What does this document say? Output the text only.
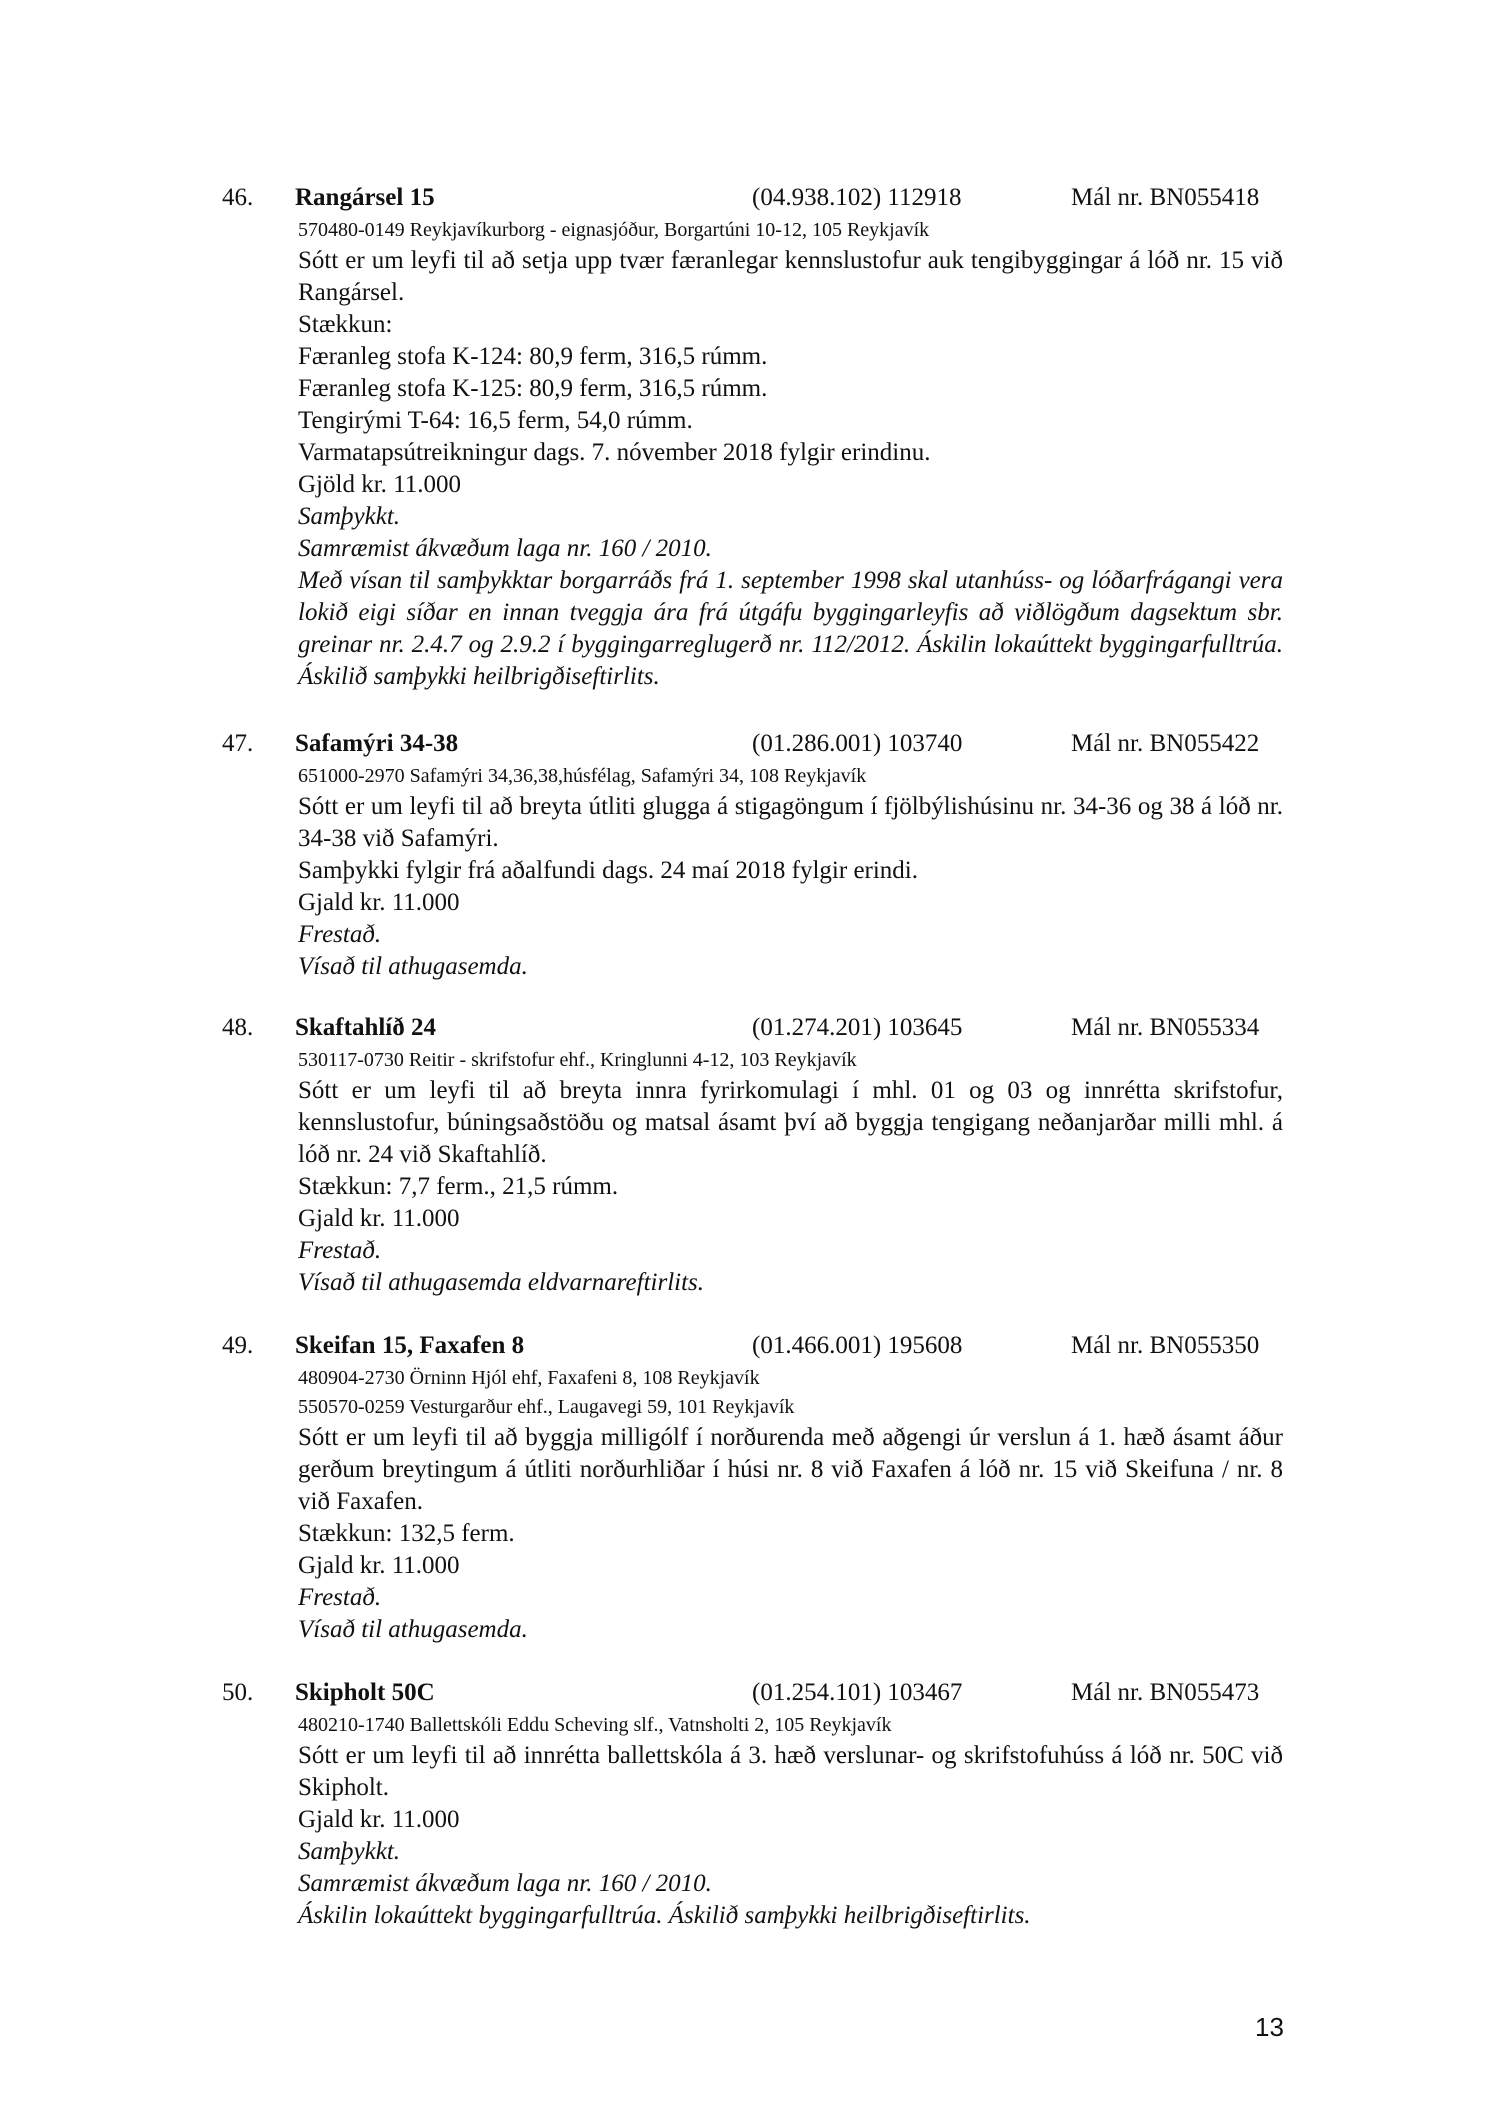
46. Rangársel 15	(04.938.102) 112918	Mál nr. BN055418
570480-0149 Reykjavíkurborg - eignasjóður, Borgartúni 10-12, 105 Reykjavík
Sótt er um leyfi til að setja upp tvær færanlegar kennslustofur auk tengibyggingar á lóð nr. 15 við Rangársel.
Stækkun:
Færanleg stofa K-124: 80,9 ferm, 316,5 rúmm.
Færanleg stofa K-125: 80,9 ferm, 316,5 rúmm.
Tengirými T-64: 16,5 ferm, 54,0 rúmm.
Varmatapsútreikningur dags. 7. nóvember 2018 fylgir erindinu.
Gjöld kr. 11.000
Samþykkt.
Samræmist ákvæðum laga nr. 160 / 2010.
Með vísan til samþykktar borgarráðs frá 1. september 1998 skal utanhúss- og lóðarfrágangi vera lokið eigi síðar en innan tveggja ára frá útgáfu byggingarleyfis að viðlögðum dagsektum sbr. greinar nr. 2.4.7 og 2.9.2 í byggingarreglugerð nr. 112/2012. Áskilin lokaúttekt byggingarfulltrúa. Áskilið samþykki heilbrigðiseftirlits.
47. Safamýri 34-38	(01.286.001) 103740	Mál nr. BN055422
651000-2970 Safamýri 34,36,38,húsfélag, Safamýri 34, 108 Reykjavík
Sótt er um leyfi til að breyta útliti glugga á stigagöngum í fjölbýlishúsinu nr. 34-36 og 38 á lóð nr. 34-38 við Safamýri.
Samþykki fylgir frá aðalfundi dags. 24 maí 2018 fylgir erindi.
Gjald kr. 11.000
Frestað.
Vísað til athugasemda.
48. Skaftahlíð 24	(01.274.201) 103645	Mál nr. BN055334
530117-0730 Reitir - skrifstofur ehf., Kringlunni 4-12, 103 Reykjavík
Sótt er um leyfi til að breyta innra fyrirkomulagi í mhl. 01 og 03 og innrétta skrifstofur, kennslustofur, búningsaðstöðu og matsal ásamt því að byggja tengigang neðanjarðar milli mhl. á lóð nr. 24 við Skaftahlíð.
Stækkun: 7,7 ferm., 21,5 rúmm.
Gjald kr. 11.000
Frestað.
Vísað til athugasemda eldvarnareftirlits.
49. Skeifan 15, Faxafen 8	(01.466.001) 195608	Mál nr. BN055350
480904-2730 Örninn Hjól ehf, Faxafeni 8, 108 Reykjavík
550570-0259 Vesturgarður ehf., Laugavegi 59, 101 Reykjavík
Sótt er um leyfi til að byggja milligólf í norðurenda með aðgengi úr verslun á 1. hæð ásamt áður gerðum breytingum á útliti norðurhliðar í húsi nr. 8 við Faxafen á lóð nr. 15 við Skeifuna / nr. 8 við Faxafen.
Stækkun: 132,5 ferm.
Gjald kr. 11.000
Frestað.
Vísað til athugasemda.
50. Skipholt 50C	(01.254.101) 103467	Mál nr. BN055473
480210-1740 Ballettskóli Eddu Scheving slf., Vatnsholti 2, 105 Reykjavík
Sótt er um leyfi til að innrétta ballettskóla á 3. hæð verslunar- og skrifstofuhúss á lóð nr. 50C við Skipholt.
Gjald kr. 11.000
Samþykkt.
Samræmist ákvæðum laga nr. 160 / 2010.
Áskilin lokaúttekt byggingarfulltrúa. Áskilið samþykki heilbrigðiseftirlits.
13
